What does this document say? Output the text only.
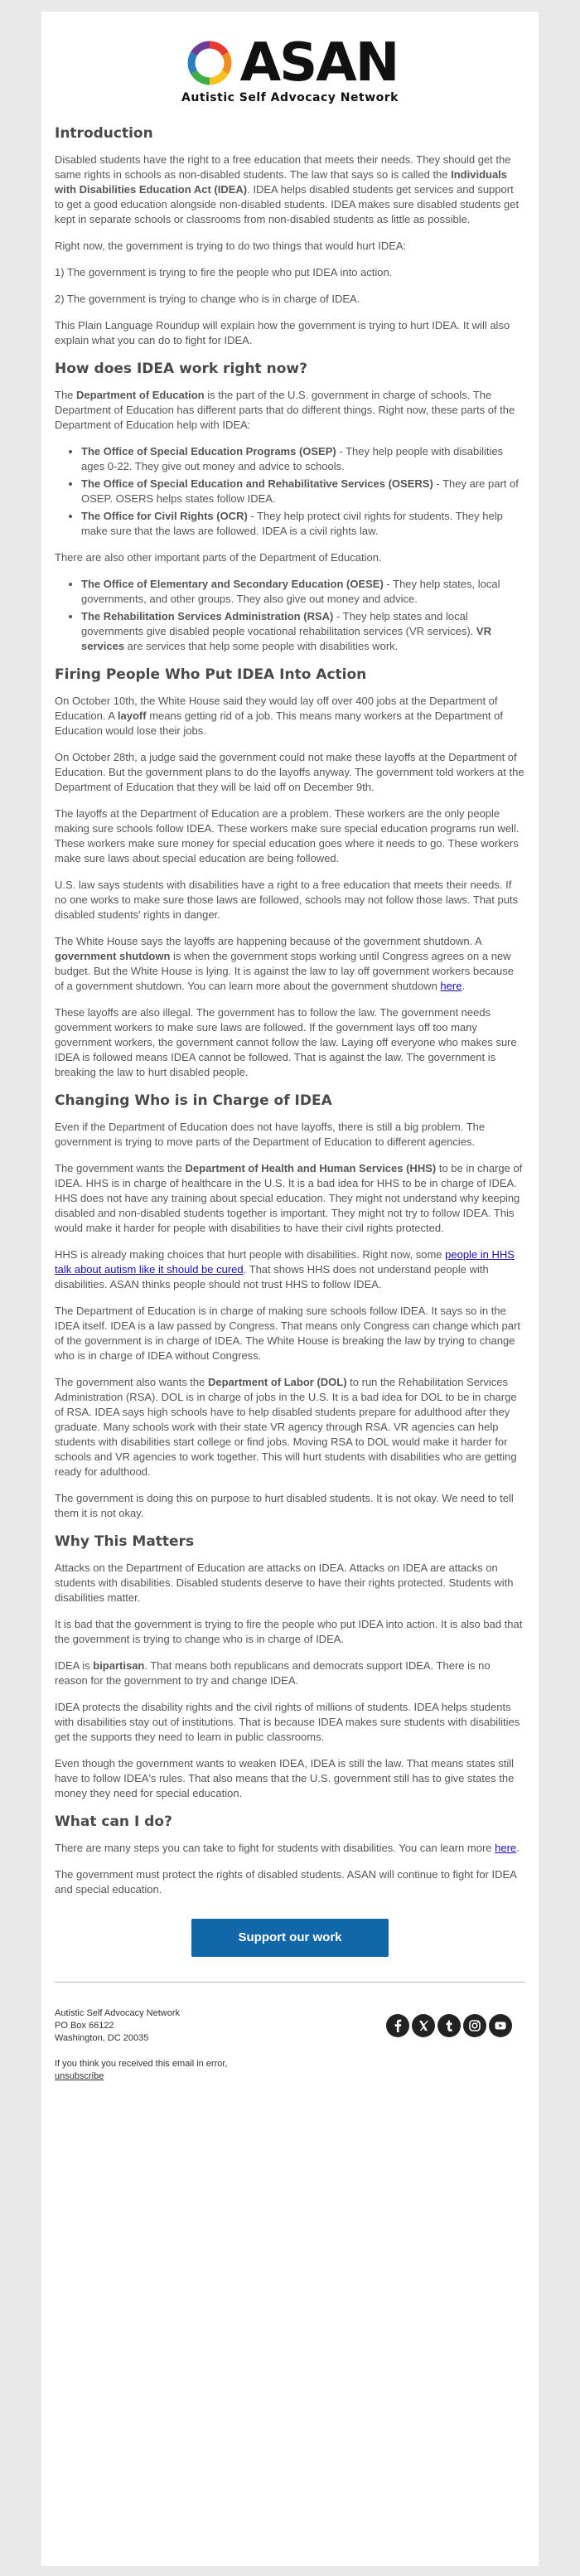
ASAN
Autistic Self Advocacy Network
Introduction

Disabled students have the right to a free education that meets their needs. They should get the same rights in schools as non-disabled students. The law that says so is called the Individuals with Disabilities Education Act (IDEA). IDEA helps disabled students get services and support to get a good education alongside non-disabled students. IDEA makes sure disabled students get kept in separate schools or classrooms from non-disabled students as little as possible.

Right now, the government is trying to do two things that would hurt IDEA:

1) The government is trying to fire the people who put IDEA into action.

2) The government is trying to change who is in charge of IDEA.

This Plain Language Roundup will explain how the government is trying to hurt IDEA. It will also explain what you can do to fight for IDEA.

How does IDEA work right now?

The Department of Education is the part of the U.S. government in charge of schools. The Department of Education has different parts that do different things. Right now, these parts of the Department of Education help with IDEA:

• The Office of Special Education Programs (OSEP) - They help people with disabilities ages 0-22. They give out money and advice to schools.
• The Office of Special Education and Rehabilitative Services (OSERS) - They are part of OSEP. OSERS helps states follow IDEA.
• The Office for Civil Rights (OCR) - They help protect civil rights for students. They help make sure that the laws are followed. IDEA is a civil rights law.

There are also other important parts of the Department of Education.

• The Office of Elementary and Secondary Education (OESE) - They help states, local governments, and other groups. They also give out money and advice.
• The Rehabilitation Services Administration (RSA) - They help states and local governments give disabled people vocational rehabilitation services (VR services). VR services are services that help some people with disabilities work.
Firing People Who Put IDEA Into Action

On October 10th, the White House said they would lay off over 400 jobs at the Department of Education. A layoff means getting rid of a job. This means many workers at the Department of Education would lose their jobs.

On October 28th, a judge said the government could not make these layoffs at the Department of Education. But the government plans to do the layoffs anyway. The government told workers at the Department of Education that they will be laid off on December 9th.

The layoffs at the Department of Education are a problem. These workers are the only people making sure schools follow IDEA. These workers make sure special education programs run well. These workers make sure money for special education goes where it needs to go. These workers make sure laws about special education are being followed.

U.S. law says students with disabilities have a right to a free education that meets their needs. If no one works to make sure those laws are followed, schools may not follow those laws. That puts disabled students' rights in danger.

The White House says the layoffs are happening because of the government shutdown. A government shutdown is when the government stops working until Congress agrees on a new budget. But the White House is lying. It is against the law to lay off government workers because of a government shutdown. You can learn more about the government shutdown here.

These layoffs are also illegal. The government has to follow the law. The government needs government workers to make sure laws are followed. If the government lays off too many government workers, the government cannot follow the law. Laying off everyone who makes sure IDEA is followed means IDEA cannot be followed. That is against the law. The government is breaking the law to hurt disabled people.

Changing Who is in Charge of IDEA

Even if the Department of Education does not have layoffs, there is still a big problem. The government is trying to move parts of the Department of Education to different agencies.

The government wants the Department of Health and Human Services (HHS) to be in charge of IDEA. HHS is in charge of healthcare in the U.S. It is a bad idea for HHS to be in charge of IDEA. HHS does not have any training about special education. They might not understand why keeping disabled and non-disabled students together is important. They might not try to follow IDEA. This would make it harder for people with disabilities to have their civil rights protected.

HHS is already making choices that hurt people with disabilities. Right now, some people in HHS talk about autism like it should be cured. That shows HHS does not understand people with disabilities. ASAN thinks people should not trust HHS to follow IDEA.

The Department of Education is in charge of making sure schools follow IDEA. It says so in the IDEA itself. IDEA is a law passed by Congress. That means only Congress can change which part of the government is in charge of IDEA. The White House is breaking the law by trying to change who is in charge of IDEA without Congress.

The government also wants the Department of Labor (DOL) to run the Rehabilitation Services Administration (RSA). DOL is in charge of jobs in the U.S. It is a bad idea for DOL to be in charge of RSA. IDEA says high schools have to help disabled students prepare for adulthood after they graduate. Many schools work with their state VR agency through RSA. VR agencies can help students with disabilities start college or find jobs. Moving RSA to DOL would make it harder for schools and VR agencies to work together. This will hurt students with disabilities who are getting ready for adulthood.

The government is doing this on purpose to hurt disabled students. It is not okay. We need to tell them it is not okay.

Why This Matters

Attacks on the Department of Education are attacks on IDEA. Attacks on IDEA are attacks on students with disabilities. Disabled students deserve to have their rights protected. Students with disabilities matter.

It is bad that the government is trying to fire the people who put IDEA into action. It is also bad that the government is trying to change who is in charge of IDEA.

IDEA is bipartisan. That means both republicans and democrats support IDEA. There is no reason for the government to try and change IDEA.

IDEA protects the disability rights and the civil rights of millions of students. IDEA helps students with disabilities stay out of institutions. That is because IDEA makes sure students with disabilities get the supports they need to learn in public classrooms.

Even though the government wants to weaken IDEA, IDEA is still the law. That means states still have to follow IDEA's rules. That also means that the U.S. government still has to give states the money they need for special education.

What can I do?

There are many steps you can take to fight for students with disabilities. You can learn more here.

The government must protect the rights of disabled students. ASAN will continue to fight for IDEA and special education.

Support our work
Autistic Self Advocacy Network
PO Box 66122
Washington, DC 20035
If you think you received this email in error,
unsubscribe
